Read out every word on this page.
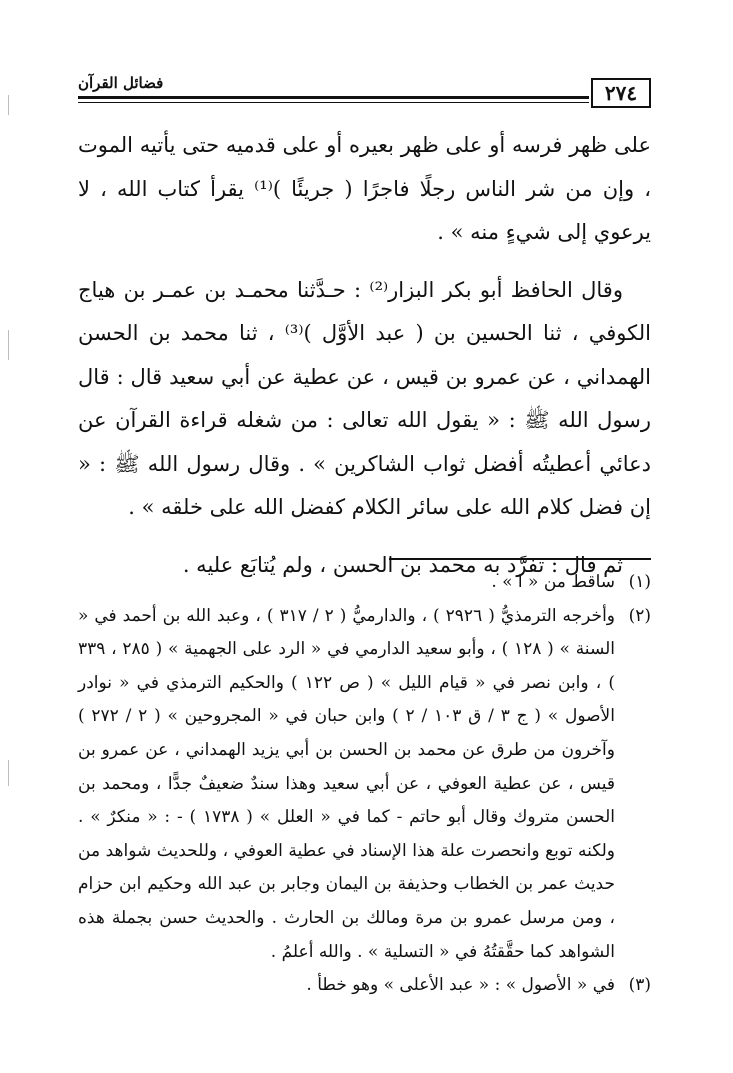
٢٧٤
فضائل القرآن

على ظهر فرسه أو على ظهر بعيره أو على قدميه حتى يأتيه الموت ، وإن من شر الناس رجلًا فاجرًا ( جريئًا )⁽¹⁾ يقرأ كتاب الله ، لا يرعوي إلى شيءٍ منه » .

وقال الحافظ أبو بكر البزار⁽²⁾ : حـدَّثنا محمـد بن عمـر بن هياج الكوفي ، ثنا الحسين بن ( عبد الأوَّل )⁽³⁾ ، ثنا محمد بن الحسن الهمداني ، عن عمرو بن قيس ، عن عطية عن أبي سعيد قال : قال رسول الله ﷺ : « يقول الله تعالى : من شغله قراءة القرآن عن دعائي أعطيتُه أفضل ثواب الشاكرين » . وقال رسول الله ﷺ : « إن فضل كلام الله على سائر الكلام كفضل الله على خلقه » .

ثم قال : تفرَّد به محمد بن الحسن ، ولم يُتابَع عليه .

(١)
ساقط من « ا » .
(٢)
وأخرجه الترمذيُّ ( ٢٩٢٦ ) ، والدارميُّ ( ٢ / ٣١٧ ) ، وعبد الله بن أحمد في « السنة » ( ١٢٨ ) ، وأبو سعيد الدارمي في « الرد على الجهمية » ( ٢٨٥ ، ٣٣٩ ) ، وابن نصر في « قيام الليل » ( ص ١٢٢ ) والحكيم الترمذي في « نوادر الأصول » ( ج ٣ / ق ١٠٣ / ٢ ) وابن حبان في « المجروحين » ( ٢ / ٢٧٢ ) وآخرون من طرق عن محمد بن الحسن بن أبي يزيد الهمداني ، عن عمرو بن قيس ، عن عطية العوفي ، عن أبي سعيد وهذا سندٌ ضعيفٌ جدًّا ، ومحمد بن الحسن متروك وقال أبو حاتم - كما في « العلل » ( ١٧٣٨ ) - : « منكرٌ » . ولكنه توبع وانحصرت علة هذا الإسناد في عطية العوفي ، وللحديث شواهد من حديث عمر بن الخطاب وحذيفة بن اليمان وجابر بن عبد الله وحكيم ابن حزام ، ومن مرسل عمرو بن مرة ومالك بن الحارث . والحديث حسن بجملة هذه الشواهد كما حقَّقتُهُ في « التسلية » . والله أعلمُ .
(٣)
في « الأصول » : « عبد الأعلى » وهو خطأ .
